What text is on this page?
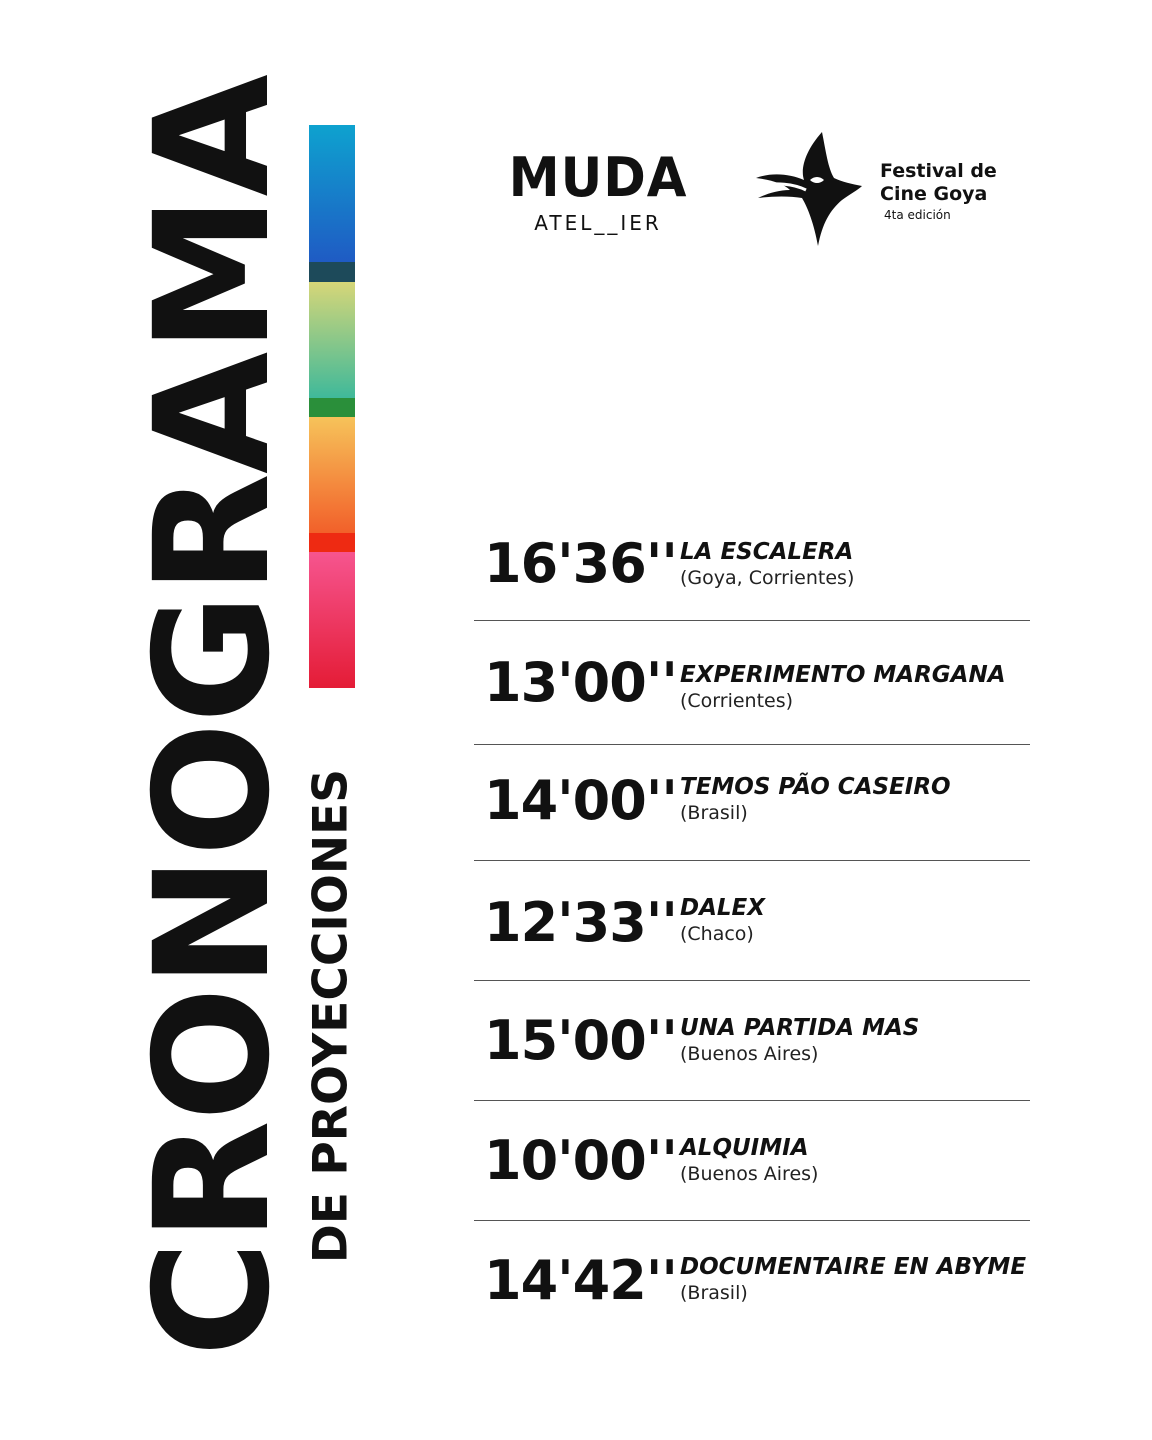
CRONOGRAMA
DE PROYECCIONES
MUDA
ATEL__IER
Festival de
Cine Goya
4ta edición
16'36'' LA ESCALERA
(Goya, Corrientes)
13'00'' EXPERIMENTO MARGANA
(Corrientes)
14'00'' TEMOS PÃO CASEIRO
(Brasil)
12'33'' DALEX
(Chaco)
15'00'' UNA PARTIDA MAS
(Buenos Aires)
10'00'' ALQUIMIA
(Buenos Aires)
14'42'' DOCUMENTAIRE EN ABYME
(Brasil)
